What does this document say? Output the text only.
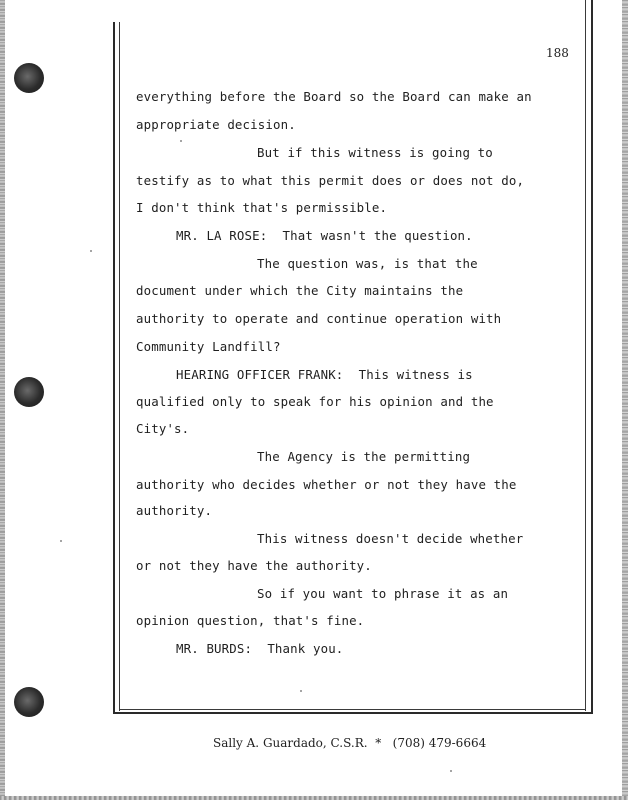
188
everything before the Board so the Board can make an
appropriate decision.
But if this witness is going to
testify as to what this permit does or does not do,
I don't think that's permissible.
MR. LA ROSE:  That wasn't the question.
The question was, is that the
document under which the City maintains the
authority to operate and continue operation with
Community Landfill?
HEARING OFFICER FRANK:  This witness is
qualified only to speak for his opinion and the
City's.
The Agency is the permitting
authority who decides whether or not they have the
authority.
This witness doesn't decide whether
or not they have the authority.
So if you want to phrase it as an
opinion question, that's fine.
MR. BURDS:  Thank you.
Sally A. Guardado, C.S.R. * (708) 479-6664
